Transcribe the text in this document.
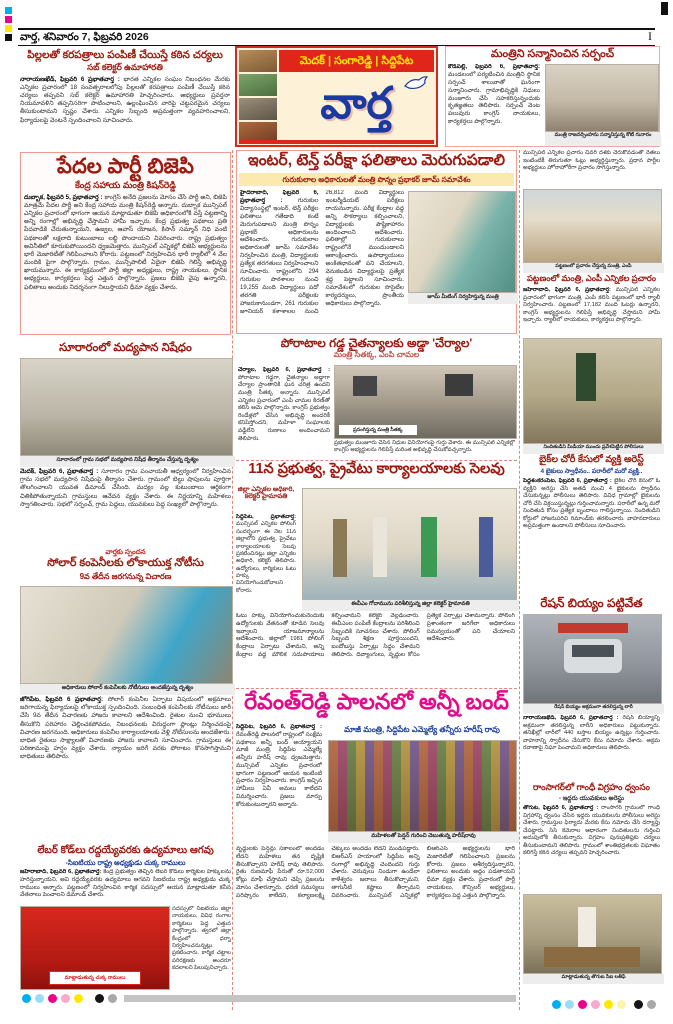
వార్త, శనివారం 7, ఫిబ్రవరి 2026	I
పిల్లలతో కరపత్రాలు పంపిణీ చేయిస్తే కఠిన చర్యలు
సబ్ కలెక్టర్ ఉమాహారతి

నారాయణఖేడ్, ఫిబ్రవరి 6 ప్రభాతవార్త : భారత ఎన్నికల సంఘం నిబంధనల మేరకు ఎన్నికల ప్రచారంలో 18 సంవత్సరాలలోపు పిల్లలతో కరపత్రాలు పంపిణీ చేయిస్తే కఠిన చర్యలు తప్పవని సబ్ కలెక్టర్ ఉమాహారతి హెచ్చరించారు. అభ్యర్థులు ప్రవర్తనా నియమావళిని తప్పనిసరిగా పాటించాలని, ఉల్లంఘించిన వారిపై చట్టపరమైన చర్యలు తీసుకుంటామని స్పష్టం చేశారు. ఎన్నికల సిబ్బంది అప్రమత్తంగా వ్యవహరించాలని, ఫిర్యాదులపై వెంటనే స్పందించాలని సూచించారు.

మెదక్ | సంగారెడ్డి | సిద్దిపేట
వార్త
మంత్రిని సన్మానించిన సర్పంచ్

కౌడిపల్లి, ఫిబ్రవరి 6, ప్రభాతవార్త: మండలంలో పర్యటించిన మంత్రిని స్థానిక సర్పంచ్ శాలువాతో ఘనంగా సన్మానించారు. గ్రామాభివృద్ధికి నిధులు మంజూరు చేసి సహకరిస్తున్నందుకు కృతజ్ఞతలు తెలిపారు. సర్పంచ్ వెంట పలువురు కాంగ్రెస్ నాయకులు, కార్యకర్తలు పాల్గొన్నారు.

మంత్రి రాజనర్సింహను సన్మానిస్తున్న కోటి గునారం
పేదల పార్టీ బిజెపి
కేంద్ర సహాయ మంత్రి కిషన్‌రెడ్డి

దుబ్బాక, ఫిబ్రవరి 5, ప్రభాతవార్త : కాంగ్రెస్ అనేది ప్రజలను మోసం చేసే పార్టీ అని, బిజెపి మాత్రమే పేదల పార్టీ అని కేంద్ర సహాయ మంత్రి కిషన్‌రెడ్డి అన్నారు. దుబ్బాక మున్సిపల్ ఎన్నికల ప్రచారంలో భాగంగా ఆయన మాట్లాడుతూ బిజెపి అధికారంలోకి వస్తే పట్టణాన్ని అన్ని రంగాల్లో అభివృద్ధి చేస్తామని హామీ ఇచ్చారు. కేంద్ర ప్రభుత్వ పథకాలు ప్రతి పేదవాడికి చేరుతున్నాయని, ఉజ్వల, ఆవాస్ యోజన, కిసాన్ సమ్మాన్ నిధి వంటి పథకాలతో లక్షలాది కుటుంబాలు లబ్ధి పొందాయని వివరించారు. రాష్ట్ర ప్రభుత్వం అవినీతిలో కూరుకుపోయిందని ధ్వజమెత్తారు. మున్సిపల్ ఎన్నికల్లో బిజెపి అభ్యర్థులను భారీ మెజారిటీతో గెలిపించాలని కోరారు. పట్టణంలో నిర్వహించిన భారీ ర్యాలీలో 4 వేల మందికి పైగా పాల్గొన్నారు. గ్రామం, మున్సిపాలిటీ ఏదైనా బిజెపి గెలిస్తే అభివృద్ధి ఖాయమన్నారు. ఈ కార్యక్రమంలో పార్టీ జిల్లా అధ్యక్షులు, రాష్ట్ర నాయకులు, స్థానిక అభ్యర్థులు, కార్యకర్తలు పెద్ద ఎత్తున పాల్గొన్నారు. ప్రజలు బిజెపి వైపు ఉన్నారని, ఫలితాలు అందుకు నిదర్శనంగా నిలుస్తాయని ధీమా వ్యక్తం చేశారు.

సూరారంలో మద్యపాన నిషేధం
సూరారంలో గ్రామ సభలో మద్యపాన నిషేధ తీర్మానం చేస్తున్న దృశ్యం

మెదక్, ఫిబ్రవరి 6, ప్రభాతవార్త : సూరారం గ్రామ పంచాయతీ ఆధ్వర్యంలో నిర్వహించిన గ్రామ సభలో మద్యపాన నిషేధంపై తీర్మానం చేశారు. గ్రామంలో బెల్టు షాపులను పూర్తిగా తొలగించాలని యువత డిమాండ్ చేసింది. మద్యం వల్ల కుటుంబాలు ఆర్థికంగా చితికిపోతున్నాయని గ్రామస్తులు ఆవేదన వ్యక్తం చేశారు. ఈ నిర్ణయాన్ని మహిళలు స్వాగతించారు. సభలో సర్పంచ్, గ్రామ పెద్దలు, యువకులు పెద్ద సంఖ్యలో పాల్గొన్నారు.

వార్తకు స్పందన
సోలార్ కంపెనీలకు లోకాయుక్త నోటీసు
9వ తేదీన జరగనున్న విచారణ
అధికారులు సోలార్ కంపెనీలకు నోటీసులు అందజేస్తున్న దృశ్యం

జోగిపేట, ఫిబ్రవరి 6 ప్రభాతవార్త: సోలార్ కంపెనీల ఏర్పాటు విషయంలో అక్రమాలు జరిగాయన్న ఫిర్యాదులపై లోకాయుక్త స్పందించింది. సంబంధిత కంపెనీలకు నోటీసులు జారీ చేసి 9వ తేదీన విచారణకు హాజరు కావాలని ఆదేశించింది. రైతుల నుంచి భూములు తీసుకొని పరిహారం చెల్లించకపోవడం, నిబంధనలకు విరుద్ధంగా ప్లాంట్లు నిర్మించడంపై విచారణ జరగనుంది. అధికారులు కంపెనీల కార్యాలయాలకు వెళ్లి నోటీసులను అందజేశారు. బాధిత రైతులు సాక్ష్యాలతో విచారణకు హాజరు కావాలని సూచించారు. గ్రామస్తులు ఈ పరిణామంపై హర్షం వ్యక్తం చేశారు. న్యాయం జరిగే వరకు పోరాటం కొనసాగిస్తామని బాధితులు తెలిపారు.

లేబర్ కోడ్‌లు రద్దయ్యేవరకు ఉద్యమాలు ఆగవు
-సిఐటియు రాష్ట్ర అధ్యక్షుడు చుక్క రాములు

జహీరాబాద్, ఫిబ్రవరి 6, ప్రభాతవార్త: కేంద్ర ప్రభుత్వం తెచ్చిన లేబర్ కోడ్‌లు కార్మికుల హక్కులను హరిస్తున్నాయని, అవి రద్దయ్యేవరకు ఉద్యమాలు ఆగవని సిఐటియు రాష్ట్ర అధ్యక్షుడు చుక్క రాములు అన్నారు. పట్టణంలో నిర్వహించిన కార్మిక సదస్సులో ఆయన మాట్లాడుతూ కనీస వేతనాలు పెంచాలని డిమాండ్ చేశారు.

మాట్లాడుతున్న చుక్క రాములు

సదస్సులో సిఐటియు జిల్లా నాయకులు, వివిధ రంగాల కార్మికులు పెద్ద ఎత్తున పాల్గొన్నారు. త్వరలో జిల్లా కేంద్రంలో ధర్నా నిర్వహించనున్నట్లు ప్రకటించారు. కార్మిక చట్టాల పరిరక్షణకు అందరూ కదలాలని పిలుపునిచ్చారు.

ఇంటర్, టెన్త్ పరీక్షా ఫలితాలు మెరుగుపడాలి
గురుకులాల అధికారులతో మంత్రి పొన్నం ప్రభాకర్ జూమ్ సమావేశం

హైదరాబాద్, ఫిబ్రవరి 6, ప్రభాతవార్త :	గురుకుల విద్యాసంస్థల్లో ఇంటర్, టెన్త్ పరీక్షల ఫలితాలు గతేడాది కంటే మెరుగుపడాలని మంత్రి పొన్నం ప్రభాకర్ అధికారులను ఆదేశించారు. గురుకులాల అధికారులతో జూమ్ సమావేశం నిర్వహించిన మంత్రి, విద్యార్థులకు ప్రత్యేక తరగతులు నిర్వహించాలని సూచించారు. రాష్ట్రంలోని 294 గురుకుల పాఠశాలల నుంచి 19,255 మంది విద్యార్థులు పదో తరగతి పరీక్షలకు హాజరుకానుండగా, 261 గురుకుల జూనియర్ కళాశాలల నుంచి 26,812 మంది విద్యార్థులు ఇంటర్మీడియట్ పరీక్షలు రాయనున్నారు. పరీక్ష కేంద్రాల వద్ద అన్ని సౌకర్యాలు కల్పించాలని, విద్యార్థులకు పౌష్టికాహారం అందించాలని ఆదేశించారు. ఫలితాల్లో గురుకులాలు రాష్ట్రంలోనే ముందుండాలని ఆకాంక్షించారు. ఉపాధ్యాయులు అంకితభావంతో పని చేయాలని, వెనుకబడిన విద్యార్థులపై ప్రత్యేక శ్రద్ధ పెట్టాలని సూచించారు. సమావేశంలో గురుకుల సొసైటీల కార్యదర్శులు, ప్రాంతీయ అధికారులు పాల్గొన్నారు.

జూమ్ మీటింగ్ నిర్వహిస్తున్న మంత్రి
పోరాటాల గడ్డ చైతన్యాలకు అడ్డా 'చేర్యాల'
మంత్రి సీతక్క, ఎంపి చామల

చేర్యాల, ఫిబ్రవరి 6, ప్రభాతవార్త : పోరాటాల గడ్డగా, చైతన్యాల అడ్డాగా చేర్యాల ప్రాంతానికి ఘన చరిత్ర ఉందని మంత్రి సీతక్క అన్నారు. మున్సిపల్ ఎన్నికల ప్రచారంలో ఎంపి చామల కిరణ్‌తో కలిసి ఆమె పాల్గొన్నారు. కాంగ్రెస్ ప్రభుత్వం రెండేళ్లలో చేసిన అభివృద్ధి అందరికీ కనిపిస్తోందని, మహిళా సంఘాలకు వడ్డీలేని రుణాలు అందించామని తెలిపారు.

ప్రసంగిస్తున్న మంత్రి సీతక్క

ప్రభుత్వం మంజూరు చేసిన నిధుల వినియోగంపై గుర్తు వేశారు. ఈ మున్సిపల్ ఎన్నికల్లో కాంగ్రెస్ అభ్యర్థులను గెలిపిస్తే మరింత అభివృద్ధి చేసుకోవచ్చన్నారు.

11న ప్రభుత్వ, ప్రైవేటు కార్యాలయాలకు సెలవు
జిల్లా ఎన్నికల అధికారి, కలెక్టర్ హైమావతి

సిద్దిపేట, ప్రభాతవార్త: మున్సిపల్ ఎన్నికల పోలింగ్ సందర్భంగా ఈ నెల 11న జిల్లాలోని ప్రభుత్వ, ప్రైవేటు కార్యాలయాలకు సెలవు ప్రకటించినట్లు జిల్లా ఎన్నికల అధికారి, కలెక్టర్ తెలిపారు. ఉద్యోగులు, కార్మికులు ఓటు హక్కు వినియోగించుకోవాలని కోరారు.

ఈవీఎం గోదామును పరిశీలిస్తున్న జిల్లా కలెక్టర్ హైమావతి

ఓటు హక్కు వినియోగించుకునేందుకు ఉద్యోగులకు వేతనంతో కూడిన సెలవు ఇవ్వాలని యాజమాన్యాలను ఆదేశించారు. జిల్లాలో 1981 పోలింగ్ కేంద్రాలు ఏర్పాటు చేశామని, అన్ని కేంద్రాల వద్ద మౌలిక సదుపాయాలు కల్పించామని కలెక్టర్ వెల్లడించారు. ఈవీఎంల పంపిణీ కేంద్రాలను పరిశీలించి సిబ్బందికి సూచనలు చేశారు. పోలింగ్ సిబ్బంది శిక్షణ పూర్తయిందని, బందోబస్తు ఏర్పాట్లు సిద్ధం చేశామని తెలిపారు. దివ్యాంగులు, వృద్ధుల కోసం ప్రత్యేక ఏర్పాట్లు చేశామన్నారు. పోలింగ్ ప్రశాంతంగా జరిగేలా అధికారులు సమన్వయంతో పని చేయాలని ఆదేశించారు.

రేవంత్‌రెడ్డి పాలనలో అన్నీ బంద్

సిద్దిపేట, ఫిబ్రవరి 6, ప్రభాతవార్త : రేవంత్‌రెడ్డి పాలనలో రాష్ట్రంలో సంక్షేమ పథకాలు అన్నీ బంద్ అయ్యాయని మాజీ మంత్రి, సిద్దిపేట ఎమ్మెల్యే తన్నీరు హరీష్ రావు ధ్వజమెత్తారు. మున్సిపల్ ఎన్నికల ప్రచారంలో భాగంగా పట్టణంలో ఆయన ఇంటింటి ప్రచారం నిర్వహించారు. కాంగ్రెస్ ఇచ్చిన హామీలు ఏవీ అమలు కాలేదని విమర్శించారు. ప్రజలు మార్పు కోరుకుంటున్నారని అన్నారు.

మాజీ మంత్రి, సిద్దిపేట ఎమ్మెల్యే తన్నీరు హరీష్ రావు
మహిళలతో పెన్షన్ గురించి చెబుతున్న హరీష్‌రావు

వృద్ధులకు పెన్షన్లు సకాలంలో అందడం లేదని మహిళలు తన దృష్టికి తీసుకొచ్చారని హరీష్ రావు తెలిపారు. రైతు రుణమాఫీ పేరుతో రూ.52,000 కోట్లు మాఫీ చేస్తామని చెప్పి ప్రజలను మోసం చేశారన్నారు. ధరణి సమస్యలు పరిష్కారం కాలేదని, కల్యాణలక్ష్మి చెక్కులు అందడం లేదని మండిపడ్డారు. బిఆర్ఎస్ హయాంలో సిద్దిపేట అన్ని రంగాల్లో అభివృద్ధి చెందిందని గుర్తు చేశారు. చెరువులు నిండుగా ఉండేలా కాళేశ్వరం జలాలు తీసుకొచ్చామని, తాగునీటి కష్టాలు తీర్చామని వివరించారు. మున్సిపల్ ఎన్నికల్లో బిఆర్ఎస్ అభ్యర్థులను భారీ మెజారిటీతో గెలిపించాలని ప్రజలను కోరారు. ప్రజలు ఆశీర్వదిస్తున్నారని, ఫలితాలు అందుకు అద్దం పడతాయని ధీమా వ్యక్తం చేశారు. ప్రచారంలో పార్టీ నాయకులు, కౌన్సిలర్ అభ్యర్థులు, కార్యకర్తలు పెద్ద ఎత్తున పాల్గొన్నారు.

మున్సిపల్ ఎన్నికల ప్రచారం చివరి దశకు చేరుకోవడంతో నేతలు ఇంటింటికీ తిరుగుతూ ఓట్లు అభ్యర్థిస్తున్నారు. ప్రధాన పార్టీల అభ్యర్థులు హోరాహోరీగా ప్రచారం సాగిస్తున్నారు.

పట్టణంలో ప్రచారం చేస్తున్న మంత్రి, ఎంపి
పట్టణంలో మంత్రి, ఎంపీ ఎన్నికల ప్రచారం

జహీరాబాద్, ఫిబ్రవరి 6, ప్రభాతవార్త: మున్సిపల్ ఎన్నికల ప్రచారంలో భాగంగా మంత్రి, ఎంపి కలిసి పట్టణంలో భారీ ర్యాలీ నిర్వహించారు. పట్టణంలో 17,182 మంది ఓటర్లు ఉన్నారని, కాంగ్రెస్ అభ్యర్థులను గెలిపిస్తే అభివృద్ధి చేస్తామని హామీ ఇచ్చారు. ర్యాలీలో నాయకులు, కార్యకర్తలు పాల్గొన్నారు.

నిందితుడిని మీడియా ముందు ప్రవేశపెట్టిన పోలీసులు
బైక్‌ల చోరీ కేసులో వ్యక్తి అరెస్ట్
4 బైకులు స్వాధీనం.. పరారీలో మరో వ్యక్తి..

పెద్దశంకరంపేట, ఫిబ్రవరి 6, ప్రభాతవార్త : బైక్‌ల చోరీ కేసులో ఓ వ్యక్తిని అరెస్టు చేసి అతడి నుంచి 4 బైకులను స్వాధీనం చేసుకున్నట్లు పోలీసులు తెలిపారు. వివిధ గ్రామాల్లో బైకులను చోరీ చేసి విక్రయిస్తున్నట్లు గుర్తించామన్నారు. పరారీలో ఉన్న మరో నిందితుడి కోసం ప్రత్యేక బృందాలు గాలిస్తున్నాయి. నిందితుడిని కోర్టులో హాజరుపరిచి రిమాండ్‌కు తరలించారు. వాహనదారులు అప్రమత్తంగా ఉండాలని పోలీసులు సూచించారు.

రేషన్ బియ్యం పట్టివేత
రేషన్ బియ్యం అక్రమంగా తరలిస్తున్న లారీ

నారాయణఖేడ్, ఫిబ్రవరి 6, ప్రభాతవార్త : రేషన్ బియ్యాన్ని అక్రమంగా తరలిస్తున్న లారీని అధికారులు పట్టుకున్నారు. తనిఖీల్లో లారీలో 440 బస్తాల బియ్యం ఉన్నట్లు గుర్తించారు. వాహనాన్ని స్వాధీనం చేసుకొని కేసు నమోదు చేశారు. అక్రమ రవాణాపై నిఘా పెంచామని అధికారులు తెలిపారు.

రాంసాగర్‌లో గాంధీ విగ్రహం ధ్వంసం
- ఇద్దరు యువకులు అరెస్టు

తొగుట, ఫిబ్రవరి 6, ప్రభాతవార్త : రాంసాగర్ గ్రామంలో గాంధీ విగ్రహాన్ని ధ్వంసం చేసిన ఇద్దరు యువకులను పోలీసులు అరెస్టు చేశారు. గ్రామస్తుల ఫిర్యాదు మేరకు కేసు నమోదు చేసి దర్యాప్తు చేపట్టారు. సిసి కెమెరాల ఆధారంగా నిందితులను గుర్తించి అదుపులోకి తీసుకున్నారు. విగ్రహం పునఃప్రతిష్ఠకు చర్యలు తీసుకుంటామని తెలిపారు. గ్రామంలో శాంతిభద్రతలకు విఘాతం కలిగిస్తే కఠిన చర్యలు తప్పవని హెచ్చరించారు.

మాట్లాడుతున్న తొగుట సిఐ లతీఫ్
